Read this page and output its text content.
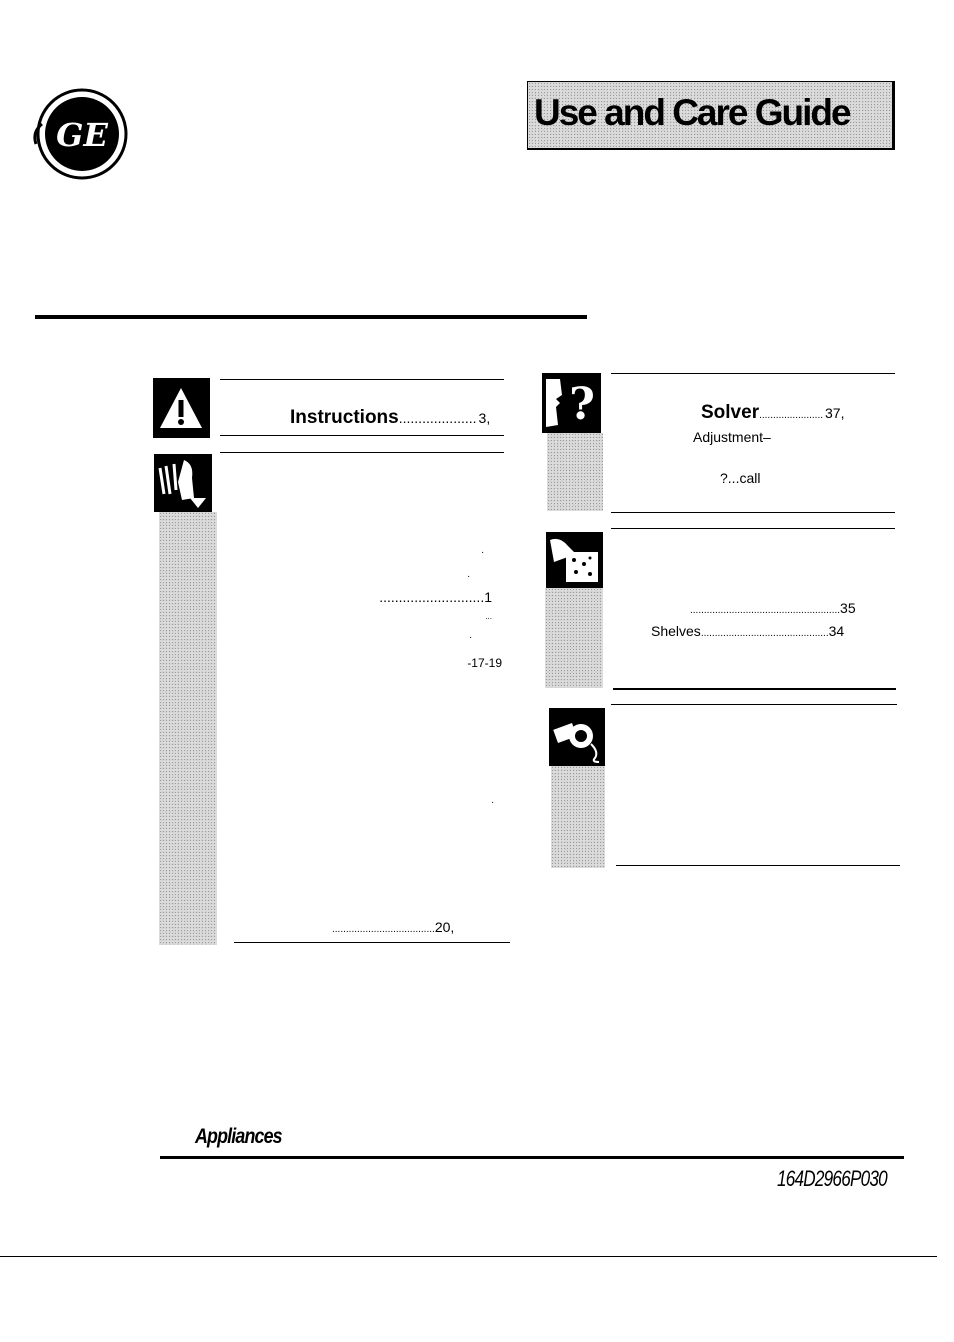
GE
Use and Care Guide
Instructions.................... 3,
.
.
...........................1
...
.
-17-19
.
.....................................20,
?	Solver....................... 37,
Adjustment–
?...call
......................................................35
Shelves..............................................34
Appliances
164D2966P030
